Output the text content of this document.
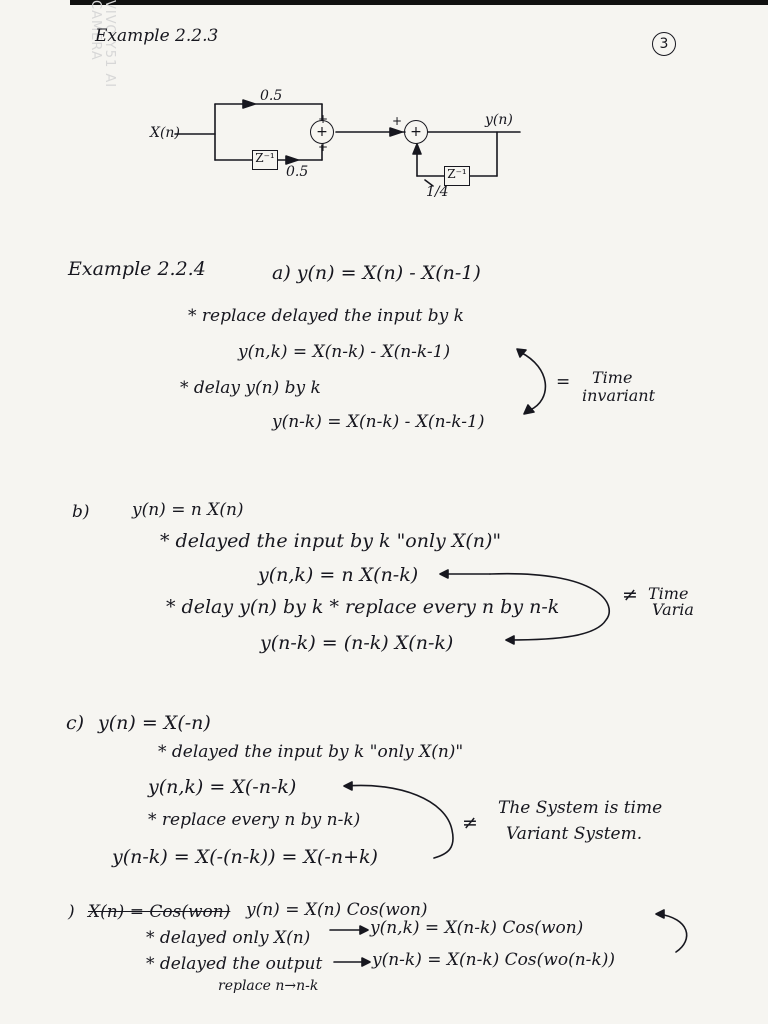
VIVO Y51 AI CAMERA
Example 2.2.3	3
+	+
+
+
+
Z⁻¹
Z⁻¹
X(n)
y(n)
0.5
0.5
1/4
Example 2.2.4	a) y(n) = X(n) - X(n-1)
* replace delayed the input by k
y(n,k) = X(n-k) - X(n-k-1)
* delay y(n) by k
y(n-k) = X(n-k) - X(n-k-1)
= Time
invariant
b) y(n) = n X(n)
* delayed the input by k "only X(n)"
y(n,k) = n X(n-k)
* delay y(n) by k * replace every n by n-k
y(n-k) = (n-k) X(n-k)
≠ Time
Varia
c) y(n) = X(-n)
* delayed the input by k "only X(n)"
y(n,k) = X(-n-k)
* replace every n by n-k)
y(n-k) = X(-(n-k)) = X(-n+k)
≠
The System is time
Variant System.
) X(n) = Cos(won) y(n) = X(n) Cos(won)
* delayed only X(n)	y(n,k) = X(n-k) Cos(won)
* delayed the output	y(n-k) = X(n-k) Cos(wo(n-k))
replace n→n-k
